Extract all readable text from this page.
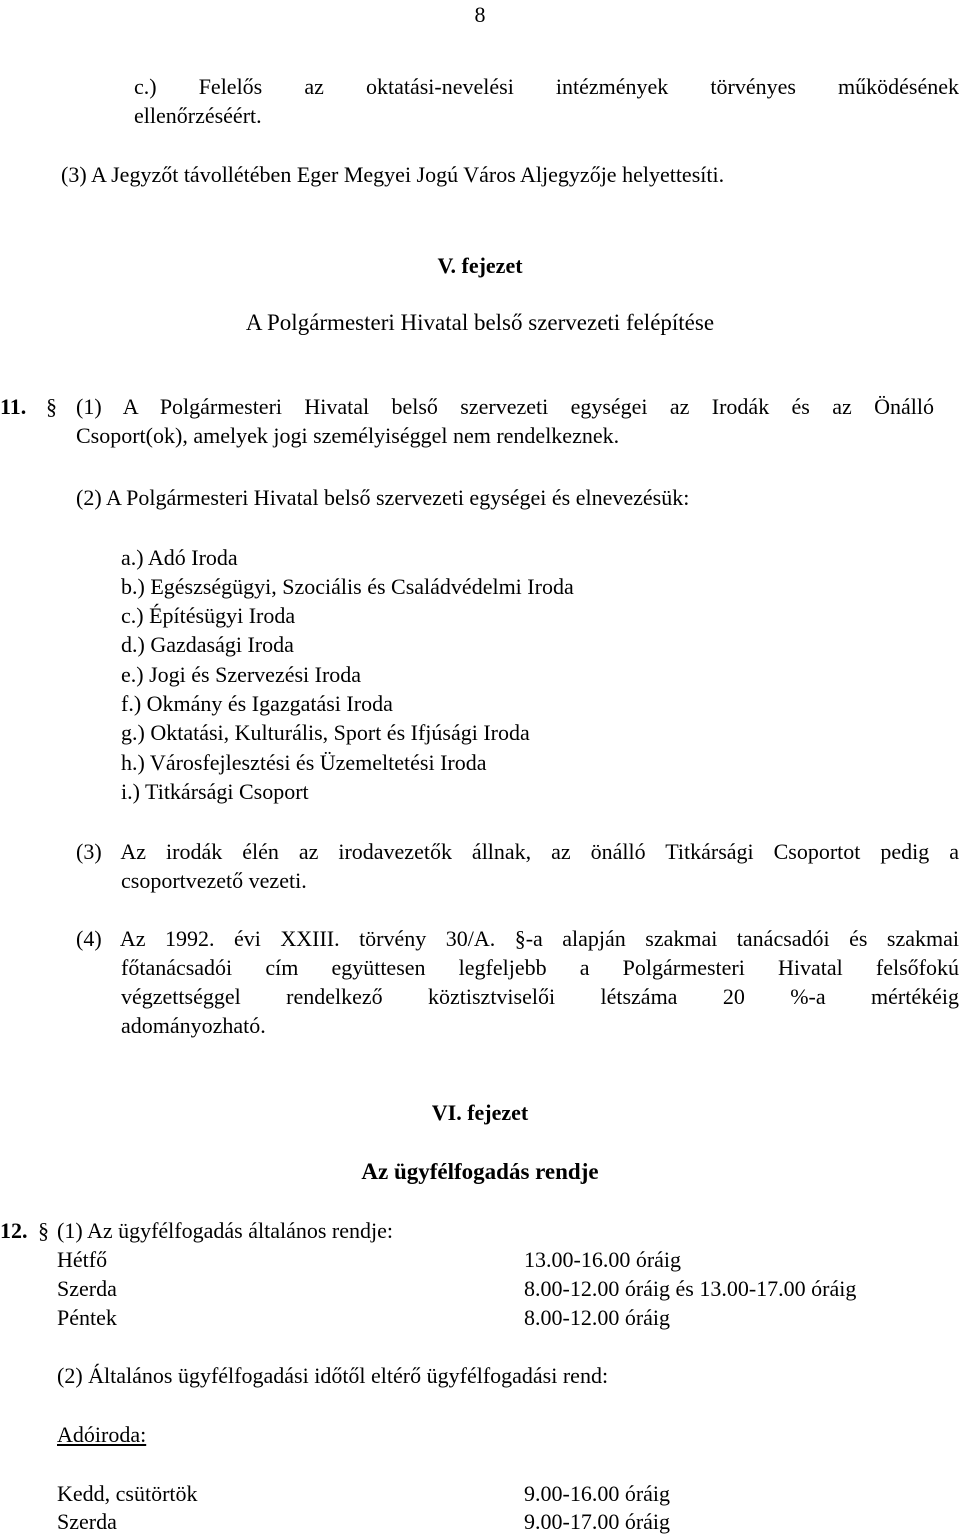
8
c.) Felelős az oktatási-nevelési intézmények törvényes működésének
ellenőrzéséért.
(3) A Jegyzőt távollétében Eger Megyei Jogú Város Aljegyzője helyettesíti.
V. fejezet
A Polgármesteri Hivatal belső szervezeti felépítése
11. § (1) A Polgármesteri Hivatal belső szervezeti egységei az Irodák és az Önálló
Csoport(ok), amelyek jogi személyiséggel nem rendelkeznek.
(2) A Polgármesteri Hivatal belső szervezeti egységei és elnevezésük:
a.) Adó Iroda
b.) Egészségügyi, Szociális és Családvédelmi Iroda
c.) Építésügyi Iroda
d.) Gazdasági Iroda
e.) Jogi és Szervezési Iroda
f.) Okmány és Igazgatási Iroda
g.) Oktatási, Kulturális, Sport és Ifjúsági Iroda
h.) Városfejlesztési és Üzemeltetési Iroda
i.) Titkársági Csoport
(3) Az irodák élén az irodavezetők állnak, az önálló Titkársági Csoportot pedig a
csoportvezető vezeti.
(4) Az 1992. évi XXIII. törvény 30/A. §-a alapján szakmai tanácsadói és szakmai
főtanácsadói cím együttesen legfeljebb a Polgármesteri Hivatal felsőfokú
végzettséggel rendelkező köztisztviselői létszáma 20 %-a mértékéig
adományozható.
VI. fejezet
Az ügyfélfogadás rendje
12. § (1) Az ügyfélfogadás általános rendje:
Hétfő	13.00-16.00 óráig
Szerda	8.00-12.00 óráig és 13.00-17.00 óráig
Péntek	8.00-12.00 óráig
(2) Általános ügyfélfogadási időtől eltérő ügyfélfogadási rend:
Adóiroda:
Kedd, csütörtök	9.00-16.00 óráig
Szerda	9.00-17.00 óráig
